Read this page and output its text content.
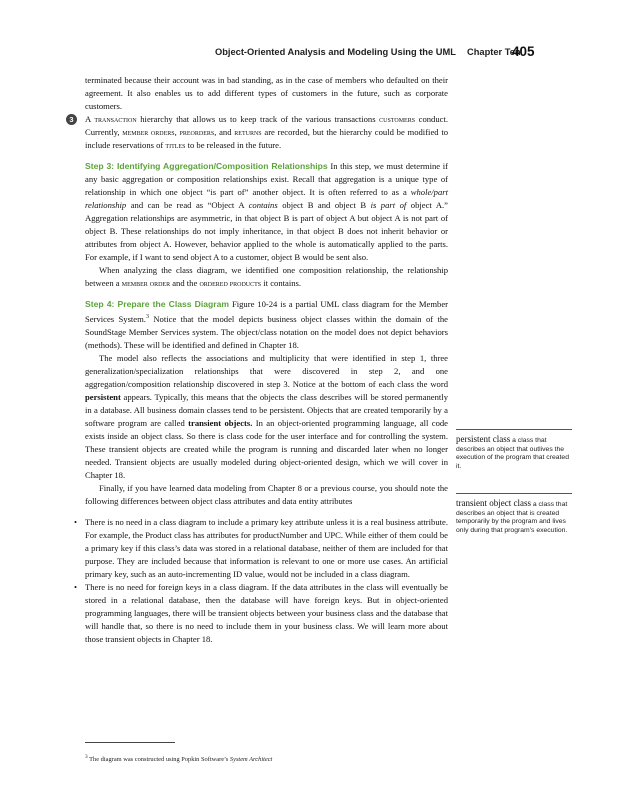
Object-Oriented Analysis and Modeling Using the UML Chapter Ten
405

terminated because their account was in bad standing, as in the case of members who defaulted on their agreement. It also enables us to add different types of customers in the future, such as corporate customers.

3	A transaction hierarchy that allows us to keep track of the various transactions customers conduct. Currently, member orders, preorders, and returns are recorded, but the hierarchy could be modified to include reservations of titles to be released in the future.

Step 3: Identifying Aggregation/Composition Relationships In this step, we must determine if any basic aggregation or composition relationships exist. Recall that aggregation is a unique type of relationship in which one object “is part of” another object. It is often referred to as a whole/part relationship and can be read as “Object A contains object B and object B is part of object A.” Aggregation relationships are asymmetric, in that object B is part of object A but object A is not part of object B. These relationships do not imply inheritance, in that object B does not inherit behavior or attributes from object A. However, behavior applied to the whole is automatically applied to the parts. For example, if I want to send object A to a customer, object B would be sent also.

When analyzing the class diagram, we identified one composition relationship, the relationship between a member order and the ordered products it contains.

Step 4: Prepare the Class Diagram Figure 10-24 is a partial UML class diagram for the Member Services System.$^3$ Notice that the model depicts business object classes within the domain of the SoundStage Member Services system. The object/class notation on the model does not depict behaviors (methods). These will be identified and defined in Chapter 18.

The model also reflects the associations and multiplicity that were identified in step 1, three generalization/specialization relationships that were discovered in step 2, and one aggregation/composition relationship discovered in step 3. Notice at the bottom of each class the word persistent appears. Typically, this means that the objects the class describes will be stored permanently in a database. All business domain classes tend to be persistent. Objects that are created temporarily by a software program are called transient objects. In an object-oriented programming language, all code exists inside an object class. So there is class code for the user interface and for controlling the system. These transient objects are created while the program is running and discarded later when no longer needed. Transient objects are usually modeled during object-oriented design, which we will cover in Chapter 18.

Finally, if you have learned data modeling from Chapter 8 or a previous course, you should note the following differences between object class attributes and data entity attributes

• There is no need in a class diagram to include a primary key attribute unless it is a real business attribute. For example, the Product class has attributes for productNumber and UPC. While either of them could be a primary key if this class’s data was stored in a relational database, neither of them are included for that purpose. They are included because that information is relevant to one or more use cases. An artificial primary key, such as an auto-incrementing ID value, would not be included in a class diagram.

• There is no need for foreign keys in a class diagram. If the data attributes in the class will eventually be stored in a relational database, then the database will have foreign keys. But in object-oriented programming languages, there will be transient objects between your business class and the database that will handle that, so there is no need to include them in your business class. We will learn more about those transient objects in Chapter 18.

persistent class a class that describes an object that outlives the execution of the program that created it.
transient object class a class that describes an object that is created temporarily by the program and lives only during that program’s execution.

$^3$ The diagram was constructed using Popkin Software’s System Architect
